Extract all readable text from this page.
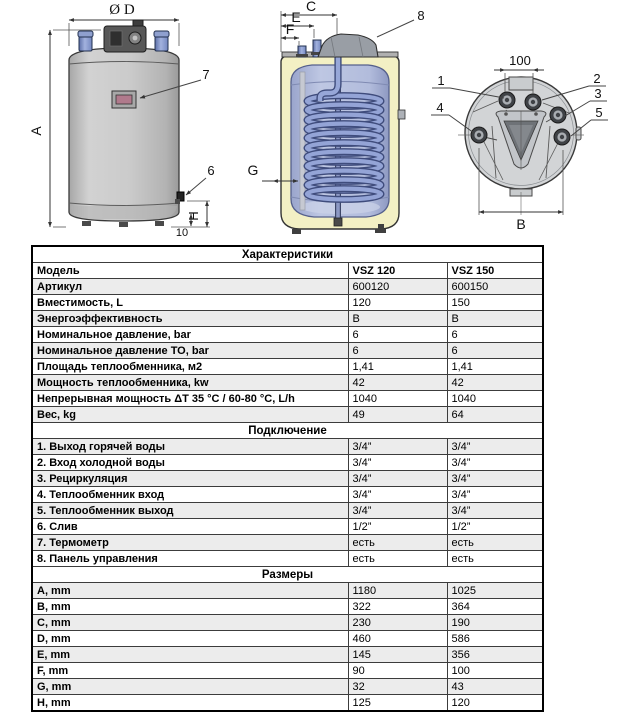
Ø D
A
7
6
H
10
C
E
F
8
G
100
B
1	2
3
4	5
Характеристики		
Модель	VSZ 120	VSZ 150
Артикул	600120	600150
Вместимость, L	120	150
Энергоэффективность	B	B
Номинальное давление, bar	6	6
Номинальное давление ТО, bar	6	6
Площадь теплообменника, м2	1,41	1,41
Мощность теплообменника, kw	42	42
Непрерывная мощность ΔT 35 °C / 60-80 °C, L/h	1040	1040
Вес, kg	49	64
Подключение		
1. Выход горячей воды	3/4”	3/4”
2. Вход холодной воды	3/4”	3/4”
3. Рециркуляция	3/4”	3/4”
4. Теплообменник вход	3/4”	3/4”
5. Теплообменник выход	3/4”	3/4”
6. Слив	1/2”	1/2”
7. Термометр	есть	есть
8. Панель управления	есть	есть
Размеры		
A, mm	1180	1025
B, mm	322	364
C, mm	230	190
D, mm	460	586
E, mm	145	356
F, mm	90	100
G, mm	32	43
H, mm	125	120
